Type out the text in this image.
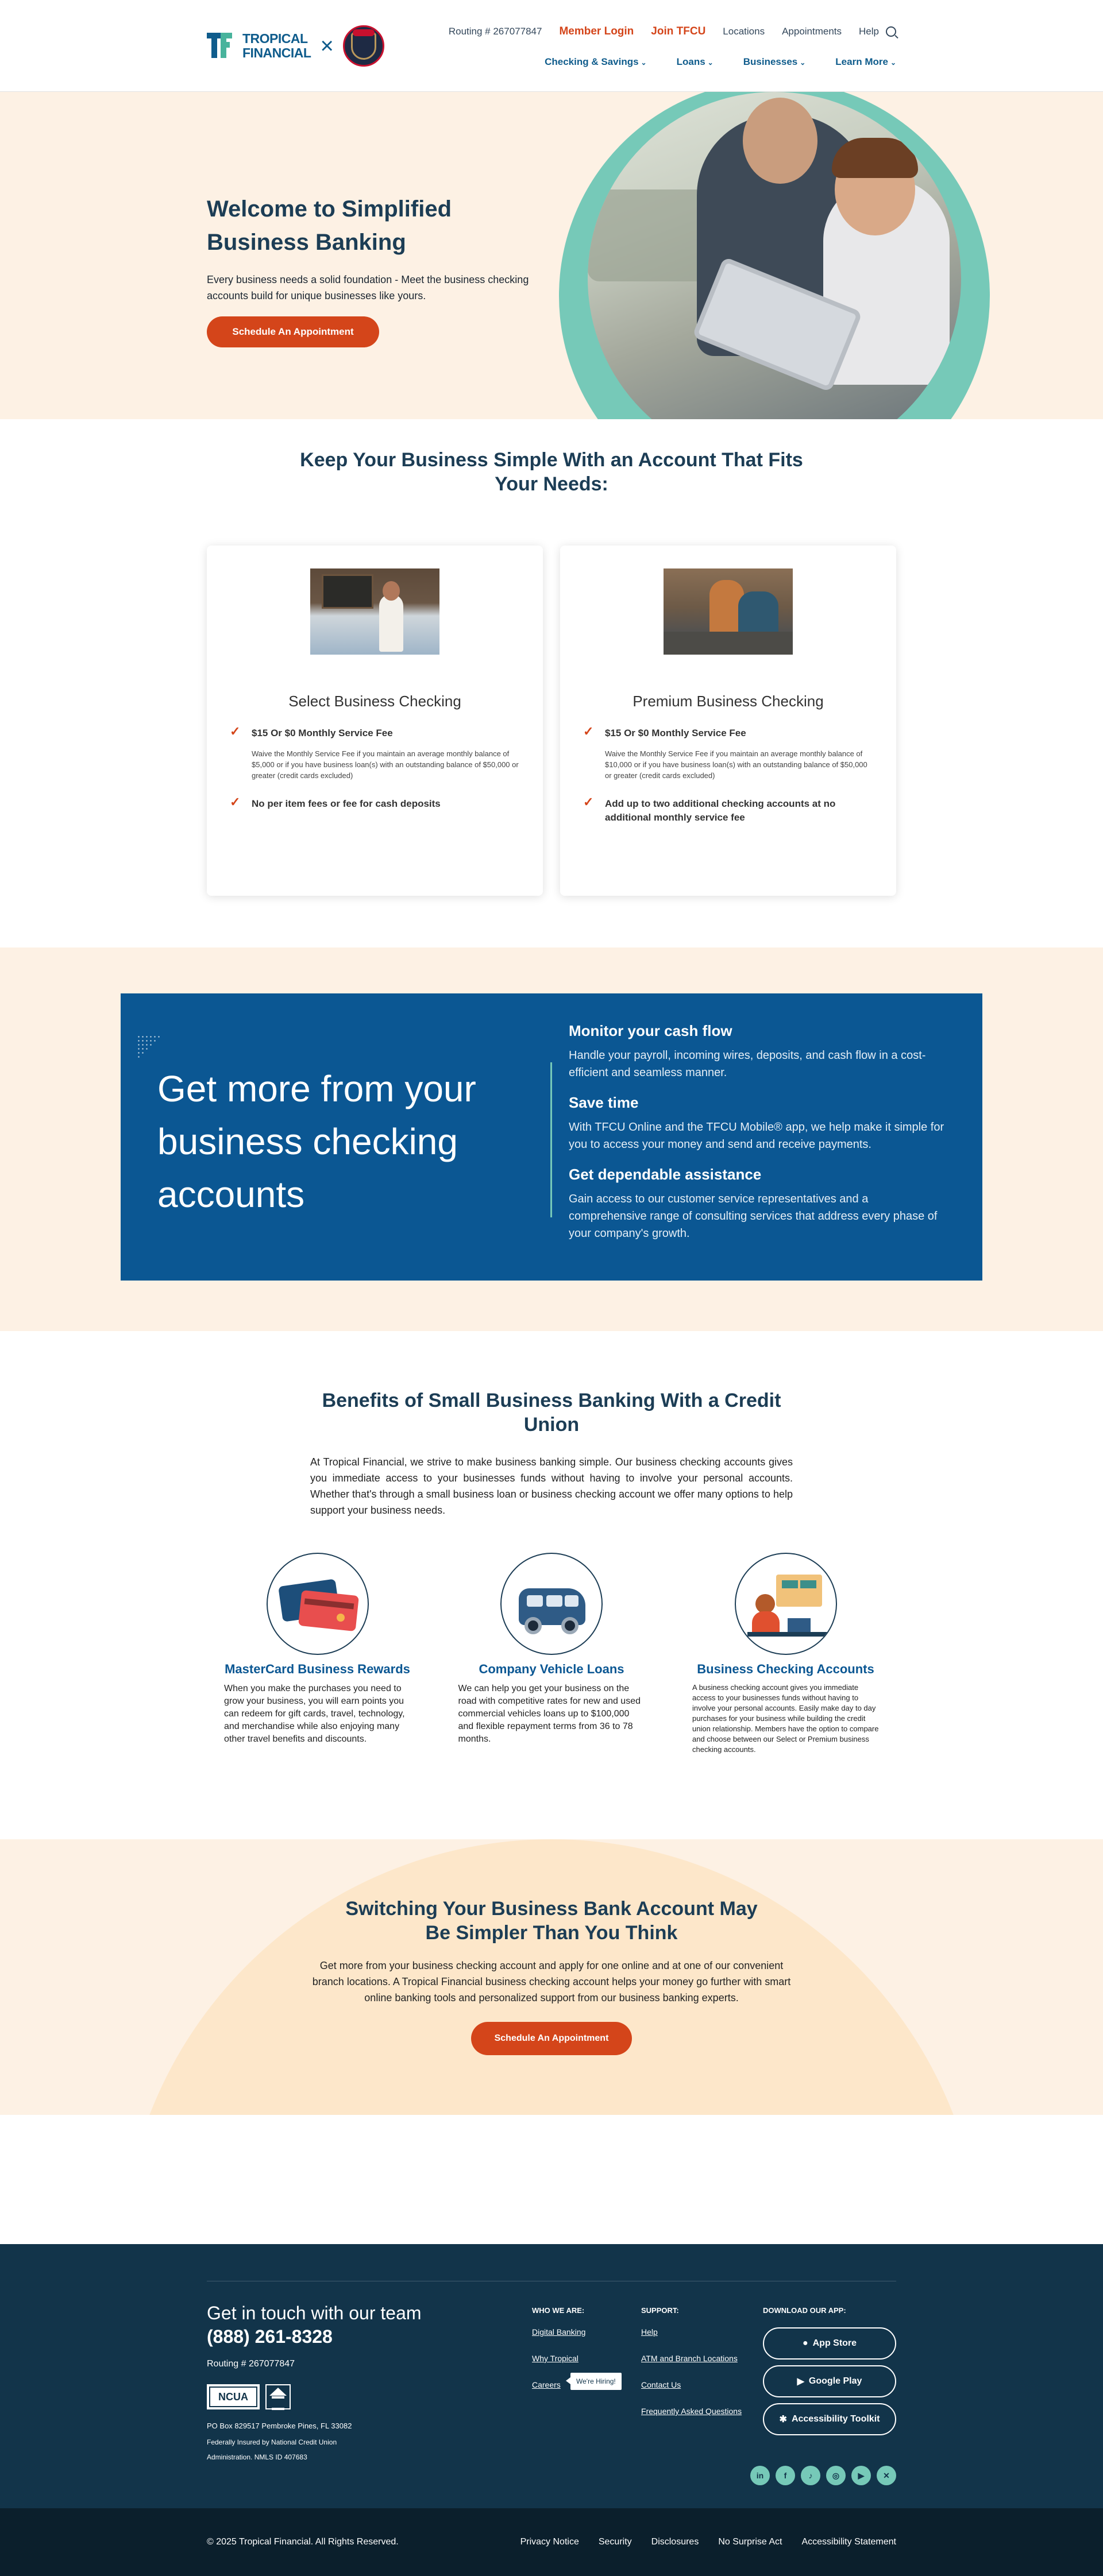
TROPICAL
FINANCIAL ×
Routing # 267077847 Member Login Join TFCU Locations Appointments Help
Checking & Savings ⌄	Loans ⌄	Businesses ⌄	Learn More ⌄
Welcome to Simplified Business Banking

Every business needs a solid foundation - Meet the business checking accounts build for unique businesses like yours.

Schedule An Appointment
Keep Your Business Simple With an Account That Fits Your Needs:
Select Business Checking
✓	$15 Or $0 Monthly Service Fee
Waive the Monthly Service Fee if you maintain an average monthly balance of $5,000 or if you have business loan(s) with an outstanding balance of $50,000 or greater (credit cards excluded)
✓	No per item fees or fee for cash deposits
Premium Business Checking
✓	$15 Or $0 Monthly Service Fee
Waive the Monthly Service Fee if you maintain an average monthly balance of $10,000 or if you have business loan(s) with an outstanding balance of $50,000 or greater (credit cards excluded)
✓	Add up to two additional checking accounts at no additional monthly service fee
Get more from your business checking accounts
Monitor your cash flow

Handle your payroll, incoming wires, deposits, and cash flow in a cost-efficient and seamless manner.

Save time

With TFCU Online and the TFCU Mobile® app, we help make it simple for you to access your money and send and receive payments.

Get dependable assistance

Gain access to our customer service representatives and a comprehensive range of consulting services that address every phase of your company's growth.

Benefits of Small Business Banking With a Credit Union

At Tropical Financial, we strive to make business banking simple. Our business checking accounts gives you immediate access to your businesses funds without having to involve your personal accounts. Whether that's through a small business loan or business checking account we offer many options to help support your business needs.

MasterCard Business Rewards

When you make the purchases you need to grow your business, you will earn points you can redeem for gift cards, travel, technology, and merchandise while also enjoying many other travel benefits and discounts.

Company Vehicle Loans

We can help you get your business on the road with competitive rates for new and used commercial vehicles loans up to $100,000 and flexible repayment terms from 36 to 78 months.

Business Checking Accounts

A business checking account gives you immediate access to your businesses funds without having to involve your personal accounts. Easily make day to day purchases for your business while building the credit union relationship. Members have the option to compare and choose between our Select or Premium business checking accounts.

Switching Your Business Bank Account May Be Simpler Than You Think

Get more from your business checking account and apply for one online and at one of our convenient branch locations. A Tropical Financial business checking account helps your money go further with smart online banking tools and personalized support from our business banking experts.

Schedule An Appointment
Get in touch with our team
(888) 261-8328
Routing # 267077847
NCUA
PO Box 829517 Pembroke Pines, FL 33082
Federally Insured by National Credit Union
Administration. NMLS ID 407683
WHO WE ARE:
Digital Banking
Why Tropical
Careers	We're Hiring!
SUPPORT:
Help
ATM and Branch Locations
Contact Us
Frequently Asked Questions
DOWNLOAD OUR APP:
● App Store
▶ Google Play
✱ Accessibility Toolkit
in	f	♪	◎	▶	✕
© 2025 Tropical Financial. All Rights Reserved.	Privacy Notice Security Disclosures No Surprise Act Accessibility Statement
